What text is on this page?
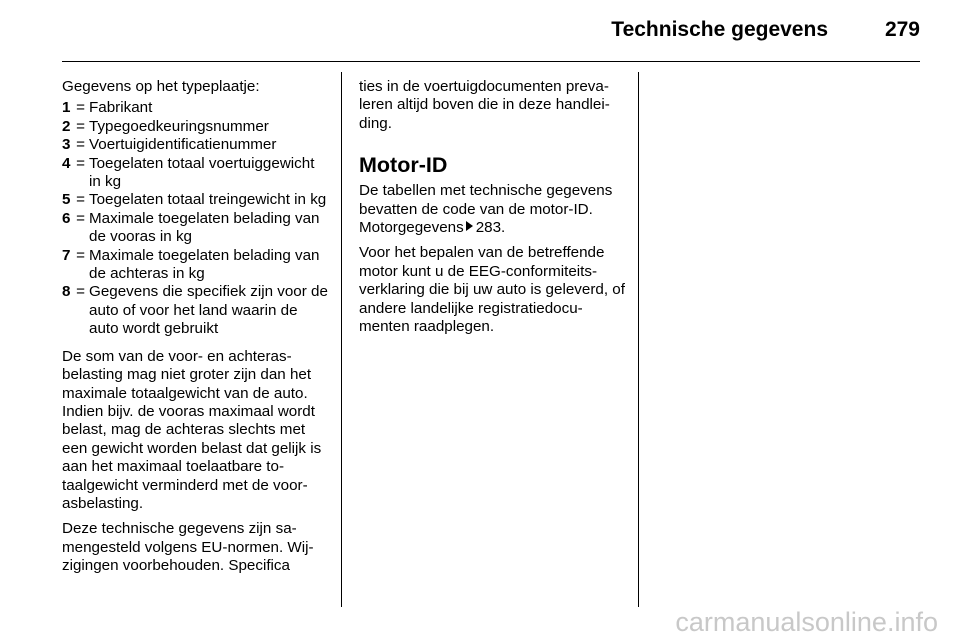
Technische gegevens	279

Gegevens op het typeplaatje:

1 = Fabrikant
2 = Typegoedkeuringsnummer
3 = Voertuigidentificatienummer
4 = Toegelaten totaal voertuiggewicht in kg
5 = Toegelaten totaal treingewicht in kg
6 = Maximale toegelaten belading van de vooras in kg
7 = Maximale toegelaten belading van de achteras in kg
8 = Gegevens die specifiek zijn voor de auto of voor het land waarin de auto wordt gebruikt

De som van de voor- en achterasbelasting mag niet groter zijn dan het maximale totaalgewicht van de auto. Indien bijv. de vooras maximaal wordt belast, mag de achteras slechts met een gewicht worden belast dat gelijk is aan het maximaal toelaatbare totaalgewicht verminderd met de voorasbelasting.

Deze technische gegevens zijn samengesteld volgens EU-normen. Wijzigingen voorbehouden. Specifica

ties in de voertuigdocumenten prevaleren altijd boven die in deze handleiding.

Motor-ID

De tabellen met technische gegevens bevatten de code van de motor-ID. Motorgegevens 283.

Voor het bepalen van de betreffende motor kunt u de EEG-conformiteitsverklaring die bij uw auto is geleverd, of andere landelijke registratiedocumenten raadplegen.

carmanualsonline.info
